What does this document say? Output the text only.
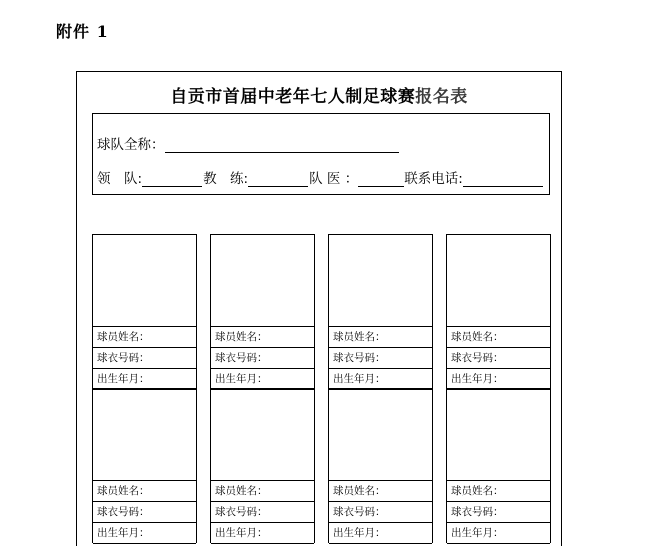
附件 1
自贡市首届中老年七人制足球赛报名表
球队全称：
领　队:	教　练:	队 医 ：	联系电话:
球员姓名：
球衣号码：
出生年月：
球员姓名：
球衣号码：
出生年月：
球员姓名：
球衣号码：
出生年月：
球员姓名：
球衣号码：
出生年月：
球员姓名：
球衣号码：
出生年月：
球员姓名：
球衣号码：
出生年月：
球员姓名：
球衣号码：
出生年月：
球员姓名：
球衣号码：
出生年月：
